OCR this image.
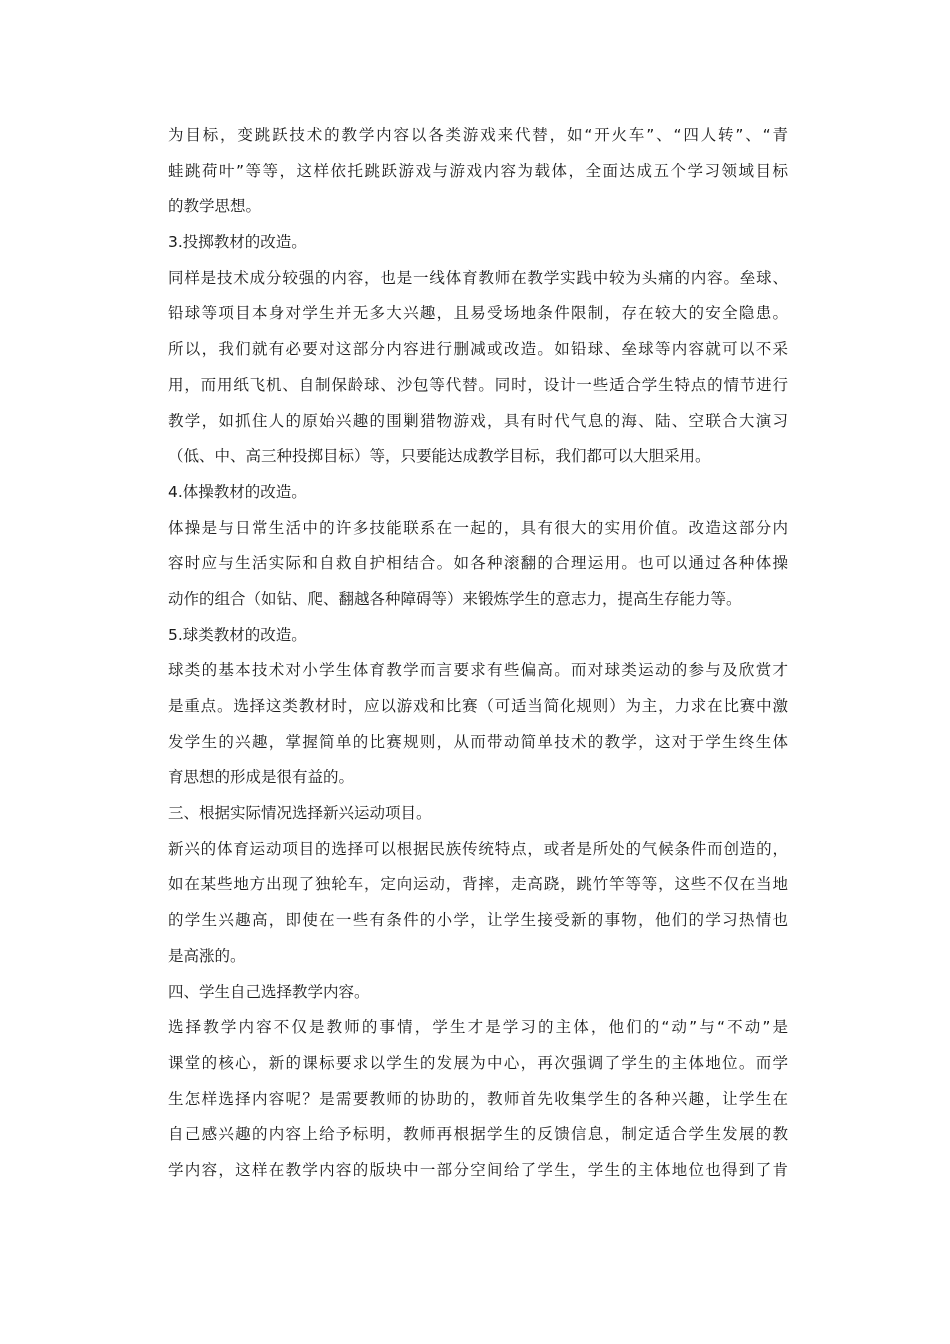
为目标，变跳跃技术的教学内容以各类游戏来代替，如“开火车”、“四人转”、“青
蛙跳荷叶”等等，这样依托跳跃游戏与游戏内容为载体，全面达成五个学习领域目标
的教学思想。
3.投掷教材的改造。
同样是技术成分较强的内容，也是一线体育教师在教学实践中较为头痛的内容。垒球、
铅球等项目本身对学生并无多大兴趣，且易受场地条件限制，存在较大的安全隐患。
所以，我们就有必要对这部分内容进行删减或改造。如铅球、垒球等内容就可以不采
用，而用纸飞机、自制保龄球、沙包等代替。同时，设计一些适合学生特点的情节进行
教学，如抓住人的原始兴趣的围剿猎物游戏，具有时代气息的海、陆、空联合大演习
（低、中、高三种投掷目标）等，只要能达成教学目标，我们都可以大胆采用。
4.体操教材的改造。
体操是与日常生活中的许多技能联系在一起的，具有很大的实用价值。改造这部分内
容时应与生活实际和自救自护相结合。如各种滚翻的合理运用。也可以通过各种体操
动作的组合（如钻、爬、翻越各种障碍等）来锻炼学生的意志力，提高生存能力等。
5.球类教材的改造。
球类的基本技术对小学生体育教学而言要求有些偏高。而对球类运动的参与及欣赏才
是重点。选择这类教材时，应以游戏和比赛（可适当简化规则）为主，力求在比赛中激
发学生的兴趣，掌握简单的比赛规则，从而带动简单技术的教学，这对于学生终生体
育思想的形成是很有益的。
三、根据实际情况选择新兴运动项目。
新兴的体育运动项目的选择可以根据民族传统特点，或者是所处的气候条件而创造的，
如在某些地方出现了独轮车，定向运动，背摔，走高跷，跳竹竿等等，这些不仅在当地
的学生兴趣高，即使在一些有条件的小学，让学生接受新的事物，他们的学习热情也
是高涨的。
四、学生自己选择教学内容。
选择教学内容不仅是教师的事情，学生才是学习的主体，他们的“动”与“不动”是
课堂的核心，新的课标要求以学生的发展为中心，再次强调了学生的主体地位。而学
生怎样选择内容呢？是需要教师的协助的，教师首先收集学生的各种兴趣，让学生在
自己感兴趣的内容上给予标明，教师再根据学生的反馈信息，制定适合学生发展的教
学内容，这样在教学内容的版块中一部分空间给了学生，学生的主体地位也得到了肯
